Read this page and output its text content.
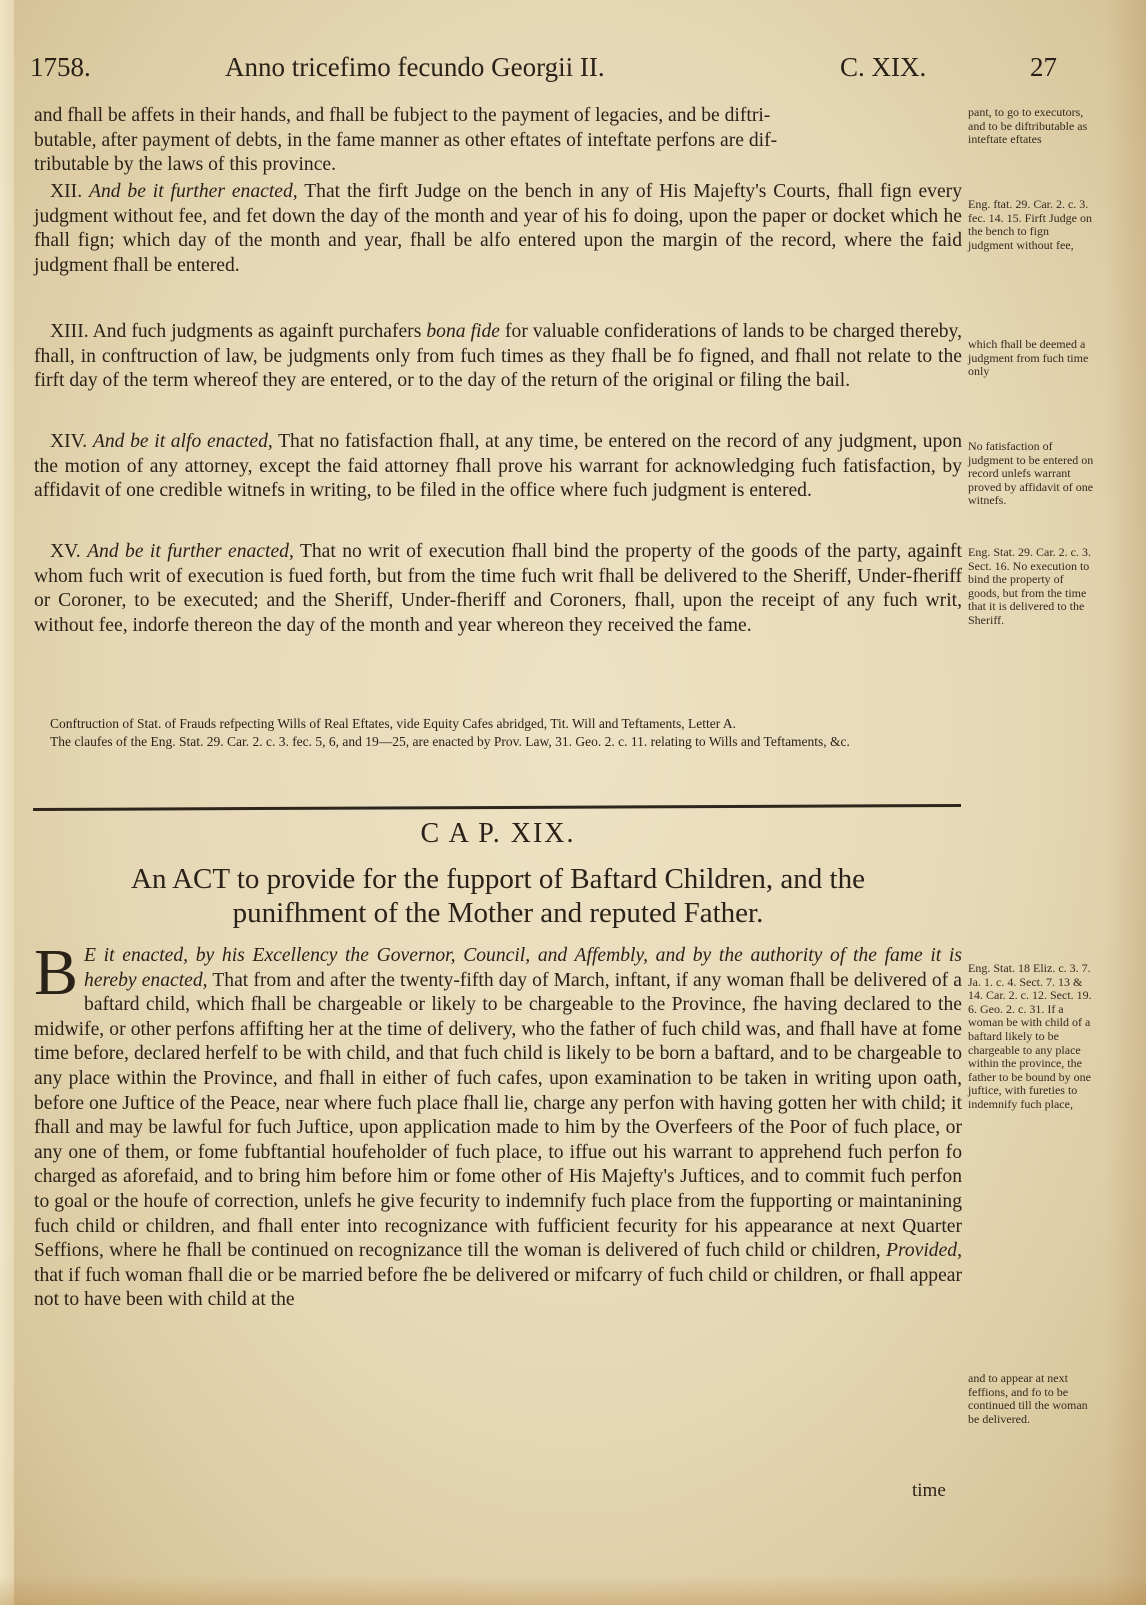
1758.	Anno tricefimo fecundo Georgii II.	C. XIX.	27

and fhall be affets in their hands, and fhall be fubject to the payment of legacies, and be diftri-

butable, after payment of debts, in the fame manner as other eftates of inteftate perfons are dif-

tributable by the laws of this province.

XII. And be it further enacted, That the firft Judge on the bench in any of His Majefty's Courts, fhall fign every judgment without fee, and fet down the day of the month and year of his fo doing, upon the paper or docket which he fhall fign; which day of the month and year, fhall be alfo entered upon the margin of the record, where the faid judgment fhall be entered.

XIII. And fuch judgments as againft purchafers bona fide for valuable confiderations of lands to be charged thereby, fhall, in conftruction of law, be judgments only from fuch times as they fhall be fo figned, and fhall not relate to the firft day of the term whereof they are entered, or to the day of the return of the original or filing the bail.

XIV. And be it alfo enacted, That no fatisfaction fhall, at any time, be entered on the record of any judgment, upon the motion of any attorney, except the faid attorney fhall prove his warrant for acknowledging fuch fatisfaction, by affidavit of one credible witnefs in writing, to be filed in the office where fuch judgment is entered.

XV. And be it further enacted, That no writ of execution fhall bind the property of the goods of the party, againft whom fuch writ of execution is fued forth, but from the time fuch writ fhall be delivered to the Sheriff, Under-fheriff or Coroner, to be executed; and the Sheriff, Under-fheriff and Coroners, fhall, upon the receipt of any fuch writ, without fee, indorfe thereon the day of the month and year whereon they received the fame.

Conftruction of Stat. of Frauds refpecting Wills of Real Eftates, vide Equity Cafes abridged, Tit. Will and Teftaments, Letter A.

The claufes of the Eng. Stat. 29. Car. 2. c. 3. fec. 5, 6, and 19—25, are enacted by Prov. Law, 31. Geo. 2. c. 11. relating to Wills and Teftaments, &c.

C A P. XIX.
An ACT to provide for the fupport of Baftard Children, and the
punifhment of the Mother and reputed Father.

B E it enacted, by his Excellency the Governor, Council, and Affembly, and by the authority of the fame it is hereby enacted, That from and after the twenty-fifth day of March, inftant, if any woman fhall be delivered of a baftard child, which fhall be chargeable or likely to be chargeable to the Province, fhe having declared to the midwife, or other perfons affifting her at the time of delivery, who the father of fuch child was, and fhall have at fome time before, declared herfelf to be with child, and that fuch child is likely to be born a baftard, and to be chargeable to any place within the Province, and fhall in either of fuch cafes, upon examination to be taken in writing upon oath, before one Juftice of the Peace, near where fuch place fhall lie, charge any perfon with having gotten her with child; it fhall and may be lawful for fuch Juftice, upon application made to him by the Overfeers of the Poor of fuch place, or any one of them, or fome fubftantial houfeholder of fuch place, to iffue out his warrant to apprehend fuch perfon fo charged as aforefaid, and to bring him before him or fome other of His Majefty's Juftices, and to commit fuch perfon to goal or the houfe of correction, unlefs he give fecurity to indemnify fuch place from the fupporting or maintanining fuch child or children, and fhall enter into recognizance with fufficient fecurity for his appearance at next Quarter Seffions, where he fhall be continued on recognizance till the woman is delivered of fuch child or children, Provided, that if fuch woman fhall die or be married before fhe be delivered or mifcarry of fuch child or children, or fhall appear not to have been with child at the

time

pant, to go to executors, and to be diftributable as inteftate eftates

Eng. ftat. 29. Car. 2. c. 3. fec. 14. 15. Firft Judge on the bench to fign judgment without fee,

which fhall be deemed a judgment from fuch time only

No fatisfaction of judgment to be entered on record unlefs warrant proved by affidavit of one witnefs.

Eng. Stat. 29. Car. 2. c. 3. Sect. 16. No execution to bind the property of goods, but from the time that it is delivered to the Sheriff.

Eng. Stat. 18 Eliz. c. 3. 7. Ja. 1. c. 4. Sect. 7. 13 & 14. Car. 2. c. 12. Sect. 19. 6. Geo. 2. c. 31. If a woman be with child of a baftard likely to be chargeable to any place within the province, the father to be bound by one juftice, with fureties to indemnify fuch place,

and to appear at next feffions, and fo to be continued till the woman be delivered.
